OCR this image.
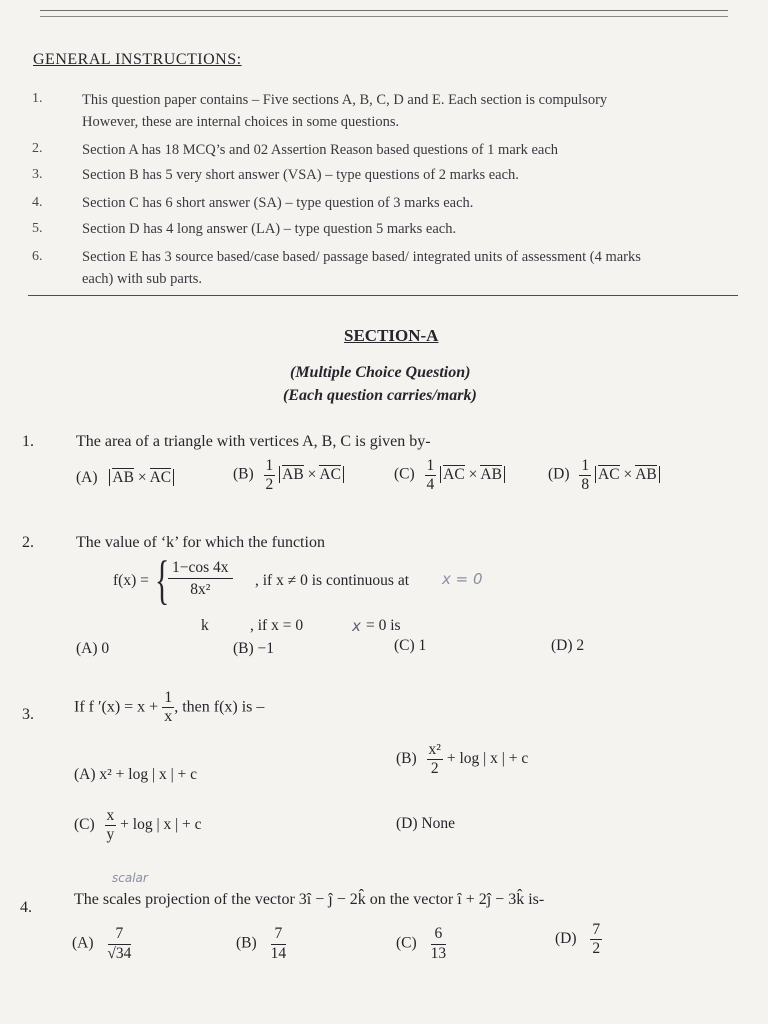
GENERAL INSTRUCTIONS:
1.	This question paper contains – Five sections A, B, C, D and E. Each section is compulsory
However, these are internal choices in some questions.
2.	Section A has 18 MCQ’s and 02 Assertion Reason based questions of 1 mark each
3.	Section B has 5 very short answer (VSA) – type questions of 2 marks each.
4.	Section C has 6 short answer (SA) – type question of 3 marks each.
5.	Section D has 4 long answer (LA) – type question 5 marks each.
6.	Section E has 3 source based/case based/ passage based/ integrated units of assessment (4 marks
each) with sub parts.
SECTION-A
(Multiple Choice Question)
(Each question carries/mark)
1.	The area of a triangle with vertices A, B, C is given by-
(A) AB × AC	$(B) \frac{1}{2}$ AB × AC	$(C) \frac{1}{4}$ AC × AB	$(D) \frac{1}{8}$ AC × AB
2.	The value of ‘k’ for which the function
f(x) = {
$\frac{1-\cos 4x}{\text{8x²}}$ , if x ≠ 0 is continuous at x = 0
k	, if x = 0	x = 0 is
(A) 0	(B) −1	(C) 1	(D) 2
3.	If f $'(x) = x + \frac{1}{x}$ , then f(x) is –
(A) x² + log | x | + c
$(B) \frac{\text{x²}}{2} + \log$ | x | + c
$(C) \frac{x}{y} + \log$ | x | + c	(D) None
scalar
4.	The scales projection of the vector 3î − ĵ − 2k̂ on the vector î + 2ĵ − 3k̂ is-
$(A) \frac{7}{√34}$	$(B) \frac{7}{14}$	$(C) \frac{6}{13}$	$(D) \frac{7}{2}$
